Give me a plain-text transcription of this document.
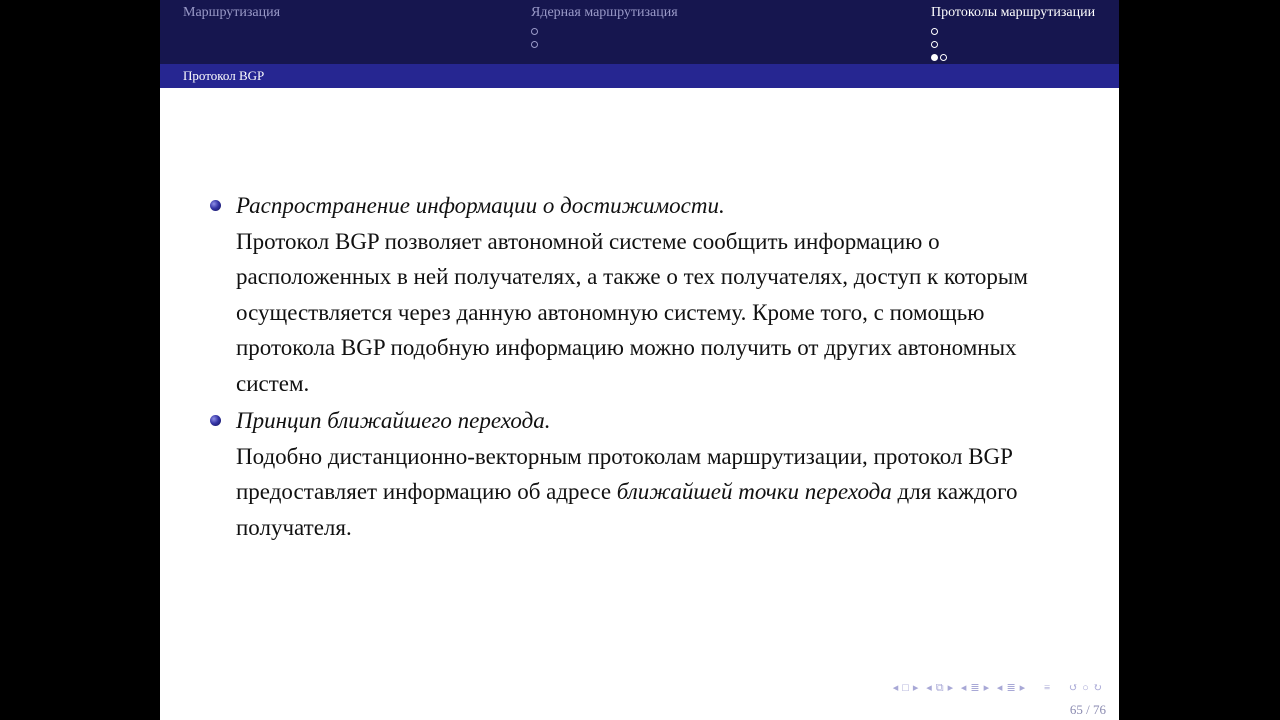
Маршрутизация	Ядерная маршрутизация	Протоколы маршрутизации
Протокол BGP
Распространение информации о достижимости.
Протокол BGP позволяет автономной системе сообщить информацию о расположенных в ней получателях, а также о тех получателях, доступ к которым осуществляется через данную автономную систему. Кроме того, с помощью протокола BGP подобную информацию можно получить от других автономных систем.
Принцип ближайшего перехода.
Подобно дистанционно-векторным протоколам маршрутизации, протокол BGP предоставляет информацию об адресе ближайшей точки перехода для каждого получателя.
◂ □ ▸ ◂ ⧉ ▸ ◂ ≣ ▸ ◂ ≣ ▸ ≡ ↺ ○ ↻
65 / 76
